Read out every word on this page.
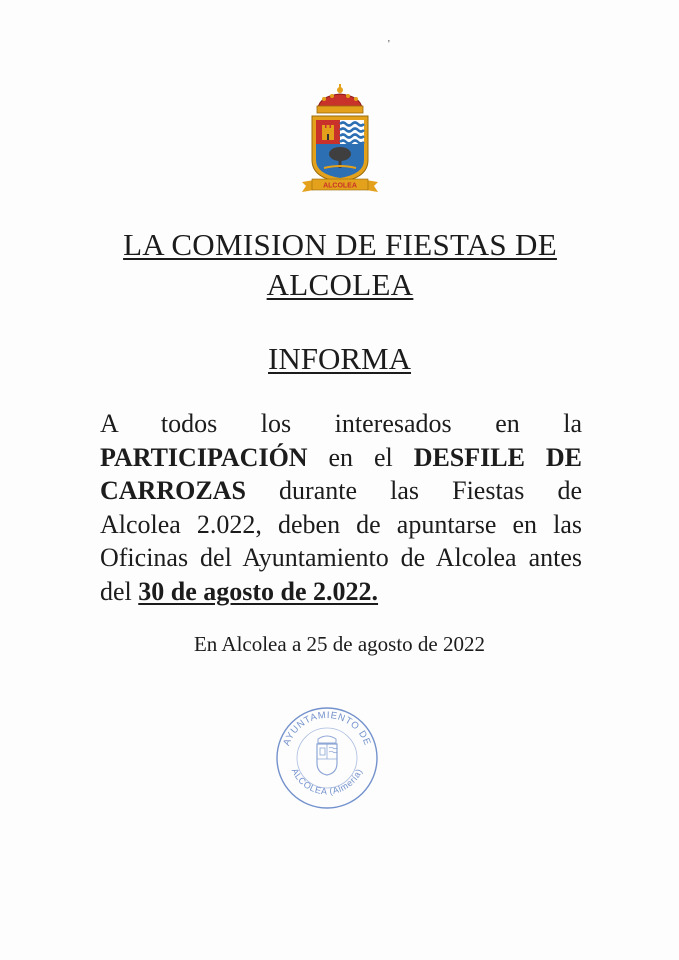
'
ALCOLEA
LA COMISION DE FIESTAS DE
ALCOLEA
INFORMA
A todos los interesados en la
PARTICIPACIÓN en el DESFILE DE
CARROZAS durante las Fiestas de
Alcolea 2.022, deben de apuntarse en las
Oficinas del Ayuntamiento de Alcolea antes
del 30 de agosto de 2.022.
En Alcolea a 25 de agosto de 2022
AYUNTAMIENTO DE
ALCOLEA (Almería)
